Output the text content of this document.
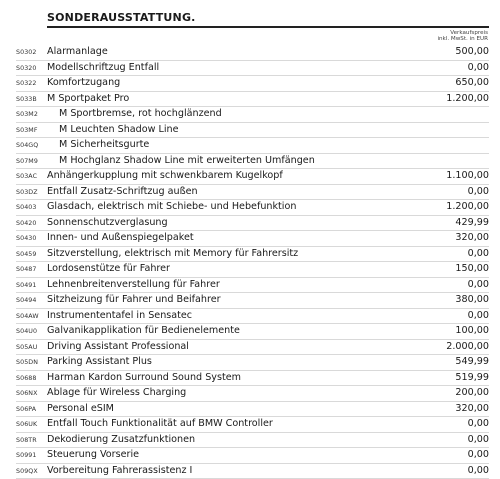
SONDERAUSSTATTUNG.
Verkaufspreis
inkl. MwSt. in EUR
S0302 Alarmanlage	500,00
S0320 Modellschriftzug Entfall	0,00
S0322 Komfortzugang	650,00
S033B M Sportpaket Pro	1.200,00
S03M2 M Sportbremse, rot hochglänzend
S03MF M Leuchten Shadow Line
S04GQ M Sicherheitsgurte
S07M9 M Hochglanz Shadow Line mit erweiterten Umfängen
S03AC Anhängerkupplung mit schwenkbarem Kugelkopf	1.100,00
S03DZ Entfall Zusatz-Schriftzug außen	0,00
S0403 Glasdach, elektrisch mit Schiebe- und Hebefunktion	1.200,00
S0420 Sonnenschutzverglasung	429,99
S0430 Innen- und Außenspiegelpaket	320,00
S0459 Sitzverstellung, elektrisch mit Memory für Fahrersitz	0,00
S0487 Lordosenstütze für Fahrer	150,00
S0491 Lehnenbreitenverstellung für Fahrer	0,00
S0494 Sitzheizung für Fahrer und Beifahrer	380,00
S04AW Instrumententafel in Sensatec	0,00
S04U0 Galvanikapplikation für Bedienelemente	100,00
S05AU Driving Assistant Professional	2.000,00
S05DN Parking Assistant Plus	549,99
S0688 Harman Kardon Surround Sound System	519,99
S06NX Ablage für Wireless Charging	200,00
S06PA Personal eSIM	320,00
S06UK Entfall Touch Funktionalität auf BMW Controller	0,00
S08TR Dekodierung Zusatzfunktionen	0,00
S0991 Steuerung Vorserie	0,00
S09QX Vorbereitung Fahrerassistenz I	0,00
